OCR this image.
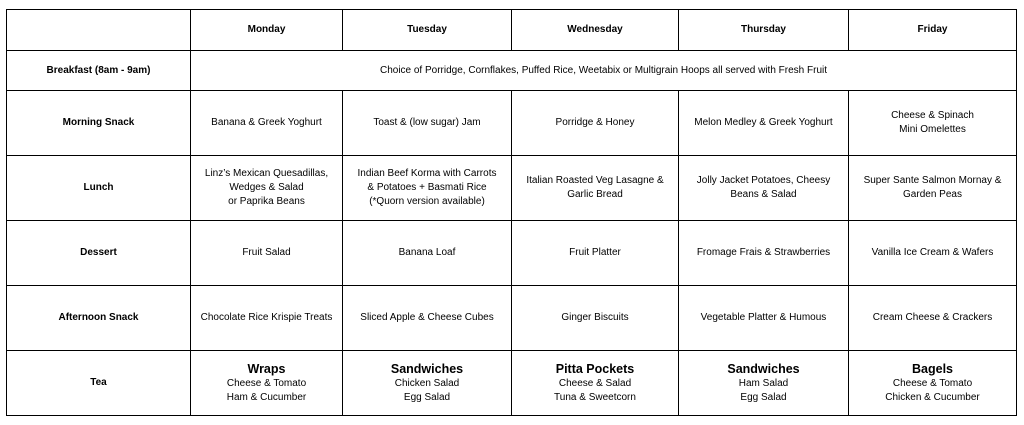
	Monday	Tuesday	Wednesday	Thursday	Friday
Breakfast (8am - 9am)	Choice of Porridge, Cornflakes, Puffed Rice, Weetabix or Multigrain Hoops all served with Fresh Fruit				
Morning Snack	Banana & Greek Yoghurt	Toast & (low sugar) Jam	Porridge & Honey	Melon Medley & Greek Yoghurt	Cheese & Spinach
Mini Omelettes

Lunch	Linz’s Mexican Quesadillas,
Wedges & Salad
or Paprika Beans	Indian Beef Korma with Carrots
& Potatoes + Basmati Rice
(*Quorn version available)	Italian Roasted Veg Lasagne &
Garlic Bread	Jolly Jacket Potatoes, Cheesy
Beans & Salad	Super Sante Salmon Mornay &
Garden Peas

Dessert	Fruit Salad	Banana Loaf	Fruit Platter	Fromage Frais & Strawberries	Vanilla Ice Cream & Wafers

Afternoon Snack	Chocolate Rice Krispie Treats	Sliced Apple & Cheese Cubes	Ginger Biscuits	Vegetable Platter & Humous	Cream Cheese & Crackers

Tea	Wraps
Cheese & Tomato
Ham & Cucumber	Sandwiches
Chicken Salad
Egg Salad	Pitta Pockets
Cheese & Salad
Tuna & Sweetcorn	Sandwiches
Ham Salad
Egg Salad	Bagels
Cheese & Tomato
Chicken & Cucumber
